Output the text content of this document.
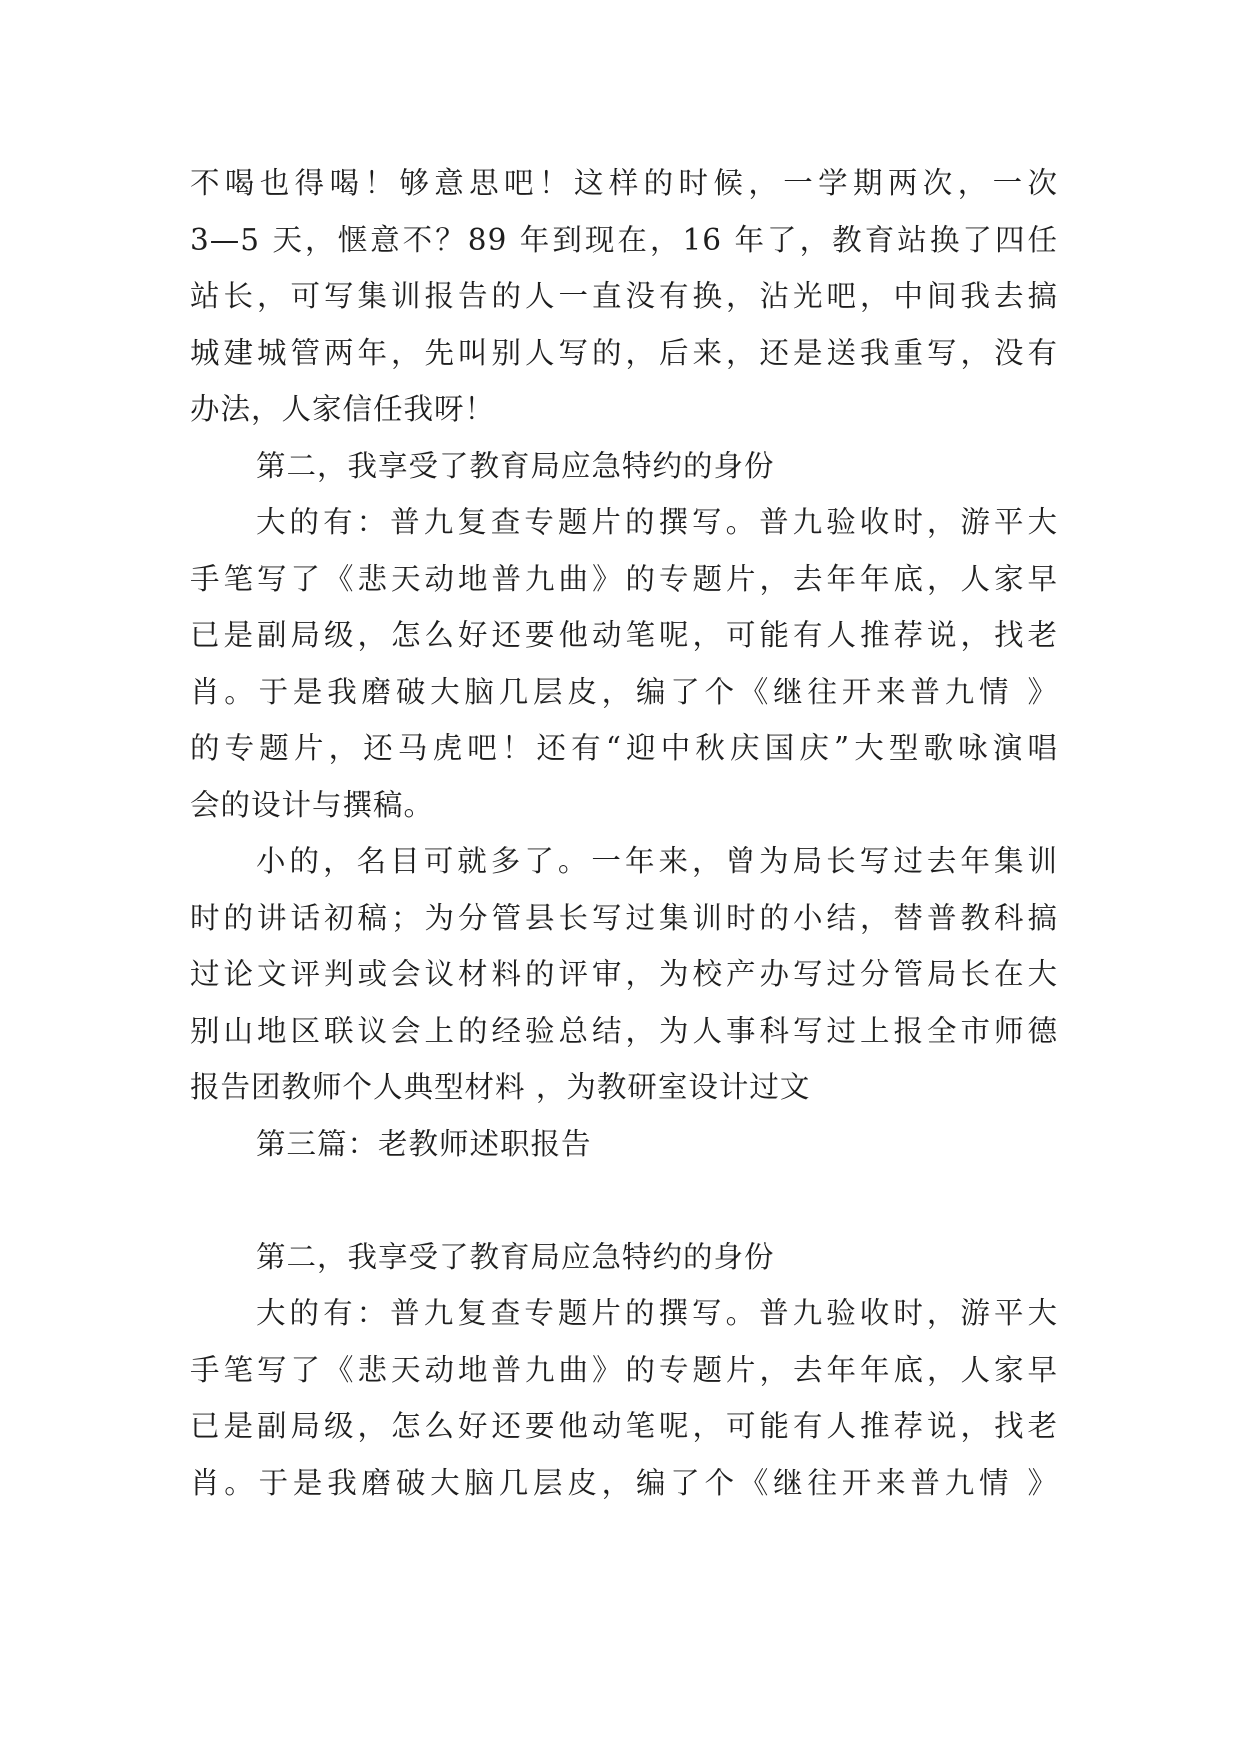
不喝也得喝！够意思吧！这样的时候，一学期两次，一次
3—5 天，惬意不？89 年到现在，16 年了，教育站换了四任
站长，可写集训报告的人一直没有换，沾光吧，中间我去搞
城建城管两年，先叫别人写的，后来，还是送我重写，没有
办法，人家信任我呀！
第二，我享受了教育局应急特约的身份
大的有：普九复查专题片的撰写。普九验收时，游平大
手笔写了《悲天动地普九曲》的专题片，去年年底，人家早
已是副局级，怎么好还要他动笔呢，可能有人推荐说，找老
肖。于是我磨破大脑几层皮，编了个《继往开来普九情 》
的专题片，还马虎吧！还有“迎中秋庆国庆”大型歌咏演唱
会的设计与撰稿。
小的，名目可就多了。一年来，曾为局长写过去年集训
时的讲话初稿；为分管县长写过集训时的小结，替普教科搞
过论文评判或会议材料的评审，为校产办写过分管局长在大
别山地区联议会上的经验总结，为人事科写过上报全市师德
报告团教师个人典型材料 ，为教研室设计过文
第三篇：老教师述职报告
第二，我享受了教育局应急特约的身份
大的有：普九复查专题片的撰写。普九验收时，游平大
手笔写了《悲天动地普九曲》的专题片，去年年底，人家早
已是副局级，怎么好还要他动笔呢，可能有人推荐说，找老
肖。于是我磨破大脑几层皮，编了个《继往开来普九情 》
